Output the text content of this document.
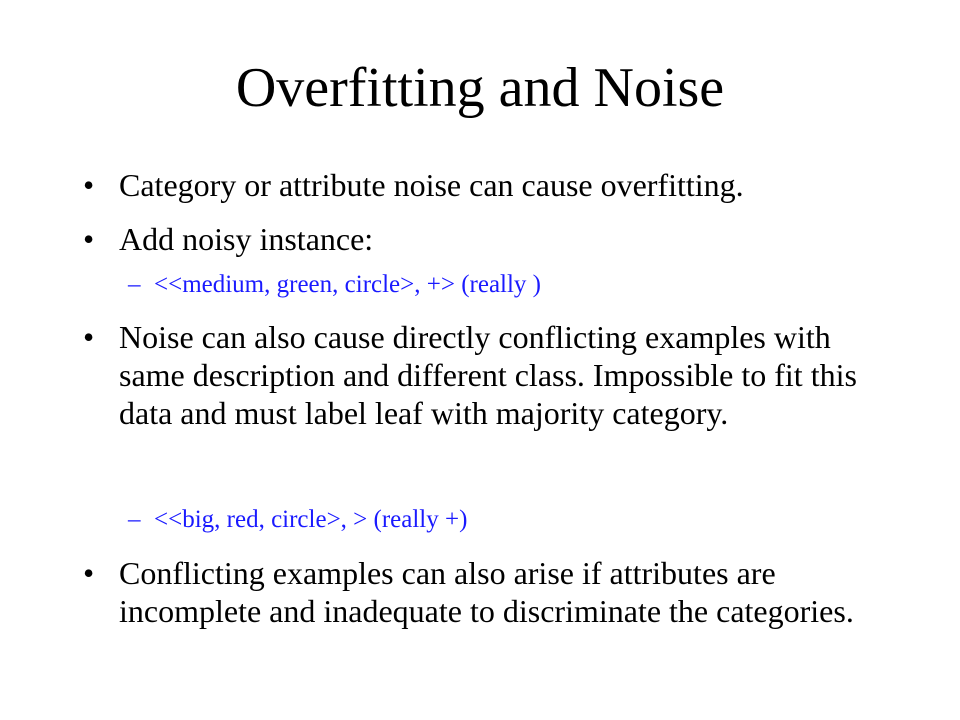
Overfitting and Noise
• Category or attribute noise can cause overfitting.
• Add noisy instance:
– <<medium, green, circle>, +> (really )
• Noise can also cause directly conflicting examples with same description and different class. Impossible to fit this data and must label leaf with majority category.
– <<big, red, circle>, > (really +)
• Conflicting examples can also arise if attributes are incomplete and inadequate to discriminate the categories.
